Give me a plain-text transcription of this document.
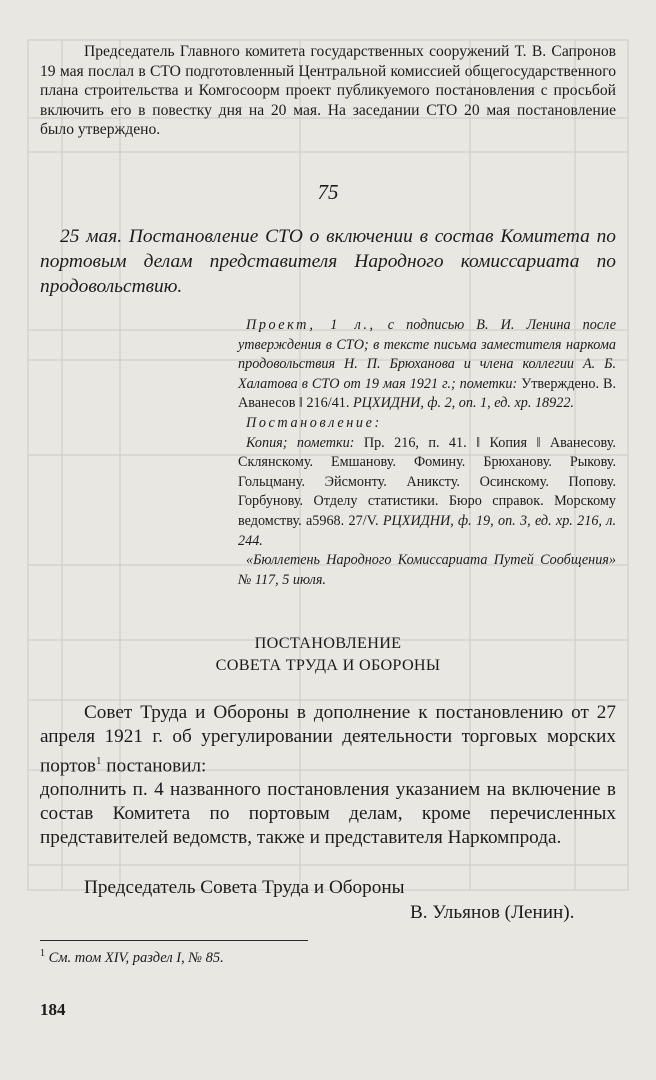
Председатель Главного комитета государственных сооружений Т. В. Сапронов 19 мая послал в СТО подготовленный Центральной комиссией общегосударственного плана строительства и Комгосоорм проект публикуемого постановления с просьбой включить его в повестку дня на 20 мая. На заседании СТО 20 мая постановление было утверждено.
75
25 мая. Постановление СТО о включении в состав Комитета по портовым делам представителя Народного комиссариата по продовольствию.

Проект, 1 л., с подписью В. И. Ленина после утверждения в СТО; в тексте письма заместителя наркома продовольствия Н. П. Брюханова и члена коллегии А. Б. Халатова в СТО от 19 мая 1921 г.; пометки: Утверждено. В. Аванесов ‖ 216/41. РЦХИДНИ, ф. 2, оп. 1, ед. хр. 18922.

Постановление:

Копия; пометки: Пр. 216, п. 41. ‖ Копия ‖ Аванесову. Склянскому. Емшанову. Фомину. Брюханову. Рыкову. Гольцману. Эйсмонту. Аниксту. Осинскому. Попову. Горбунову. Отделу статистики. Бюро справок. Морскому ведомству. а5968. 27/V. РЦХИДНИ, ф. 19, оп. 3, ед. хр. 216, л. 244.

«Бюллетень Народного Комиссариата Путей Сообщения» № 117, 5 июля.

ПОСТАНОВЛЕНИЕ
СОВЕТА ТРУДА И ОБОРОНЫ

Совет Труда и Обороны в дополнение к постановлению от 27 апреля 1921 г. об урегулировании деятельности торговых морских портов$^1$ постановил:

дополнить п. 4 названного постановления указанием на включение в состав Комитета по портовым делам, кроме перечисленных представителей ведомств, также и представителя Наркомпрода.

Председатель Совета Труда и Обороны
В. Ульянов (Ленин).
$^1$ См. том XIV, раздел I, № 85.
184
